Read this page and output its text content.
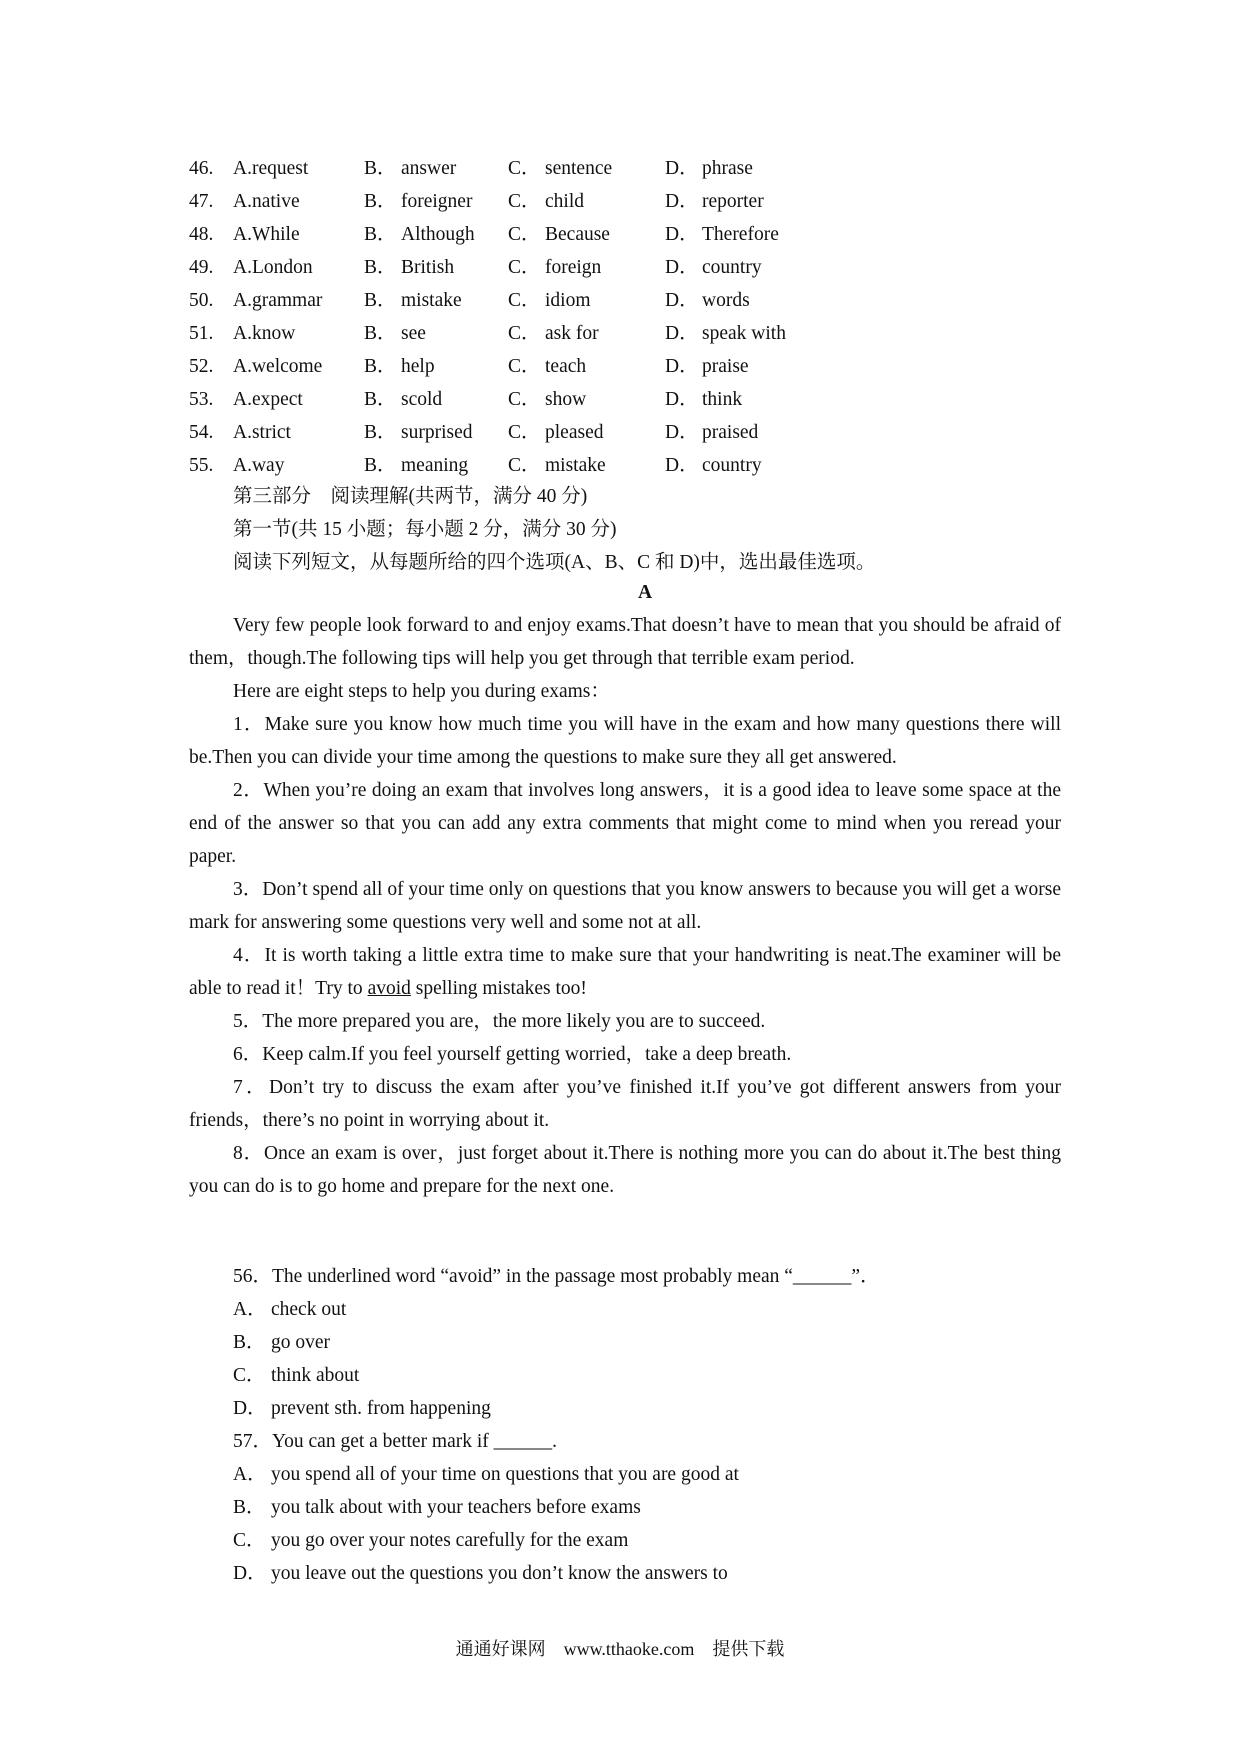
46.	A.request	B． answer	C． sentence	D． phrase
47.	A.native	B． foreigner	C． child	D． reporter
48.	A.While	B． Although	C． Because	D． Therefore
49.	A.London	B． British	C． foreign	D． country
50.	A.grammar	B． mistake	C． idiom	D． words
51.	A.know	B． see	C． ask for	D． speak with
52.	A.welcome	B． help	C． teach	D． praise
53.	A.expect	B． scold	C． show	D． think
54.	A.strict	B． surprised	C． pleased	D． praised
55.	A.way	B． meaning	C． mistake	D． country
第三部分　阅读理解(共两节，满分 40 分)
第一节(共 15 小题；每小题 2 分，满分 30 分)
阅读下列短文，从每题所给的四个选项(A、B、C 和 D)中，选出最佳选项。
A

Very few people look forward to and enjoy exams.That doesn’t have to mean that you should be afraid of them，though.The following tips will help you get through that terrible exam period.

Here are eight steps to help you during exams：

1．Make sure you know how much time you will have in the exam and how many questions there will be.Then you can divide your time among the questions to make sure they all get answered.

2．When you’re doing an exam that involves long answers，it is a good idea to leave some space at the end of the answer so that you can add any extra comments that might come to mind when you reread your paper.

3．Don’t spend all of your time only on questions that you know answers to because you will get a worse mark for answering some questions very well and some not at all.

4．It is worth taking a little extra time to make sure that your handwriting is neat.The examiner will be able to read it！Try to avoid spelling mistakes too!

5．The more prepared you are，the more likely you are to succeed.

6．Keep calm.If you feel yourself getting worried，take a deep breath.

7．Don’t try to discuss the exam after you’ve finished it.If you’ve got different answers from your friends，there’s no point in worrying about it.

8．Once an exam is over，just forget about it.There is nothing more you can do about it.The best thing you can do is to go home and prepare for the next one.

56．The underlined word “avoid” in the passage most probably mean “______”．

A． check out

B． go over

C． think about

D． prevent sth. from happening

57．You can get a better mark if ______.

A． you spend all of your time on questions that you are good at

B． you talk about with your teachers before exams

C． you go over your notes carefully for the exam

D． you leave out the questions you don’t know the answers to

通通好课网　www.tthaoke.com　提供下载
